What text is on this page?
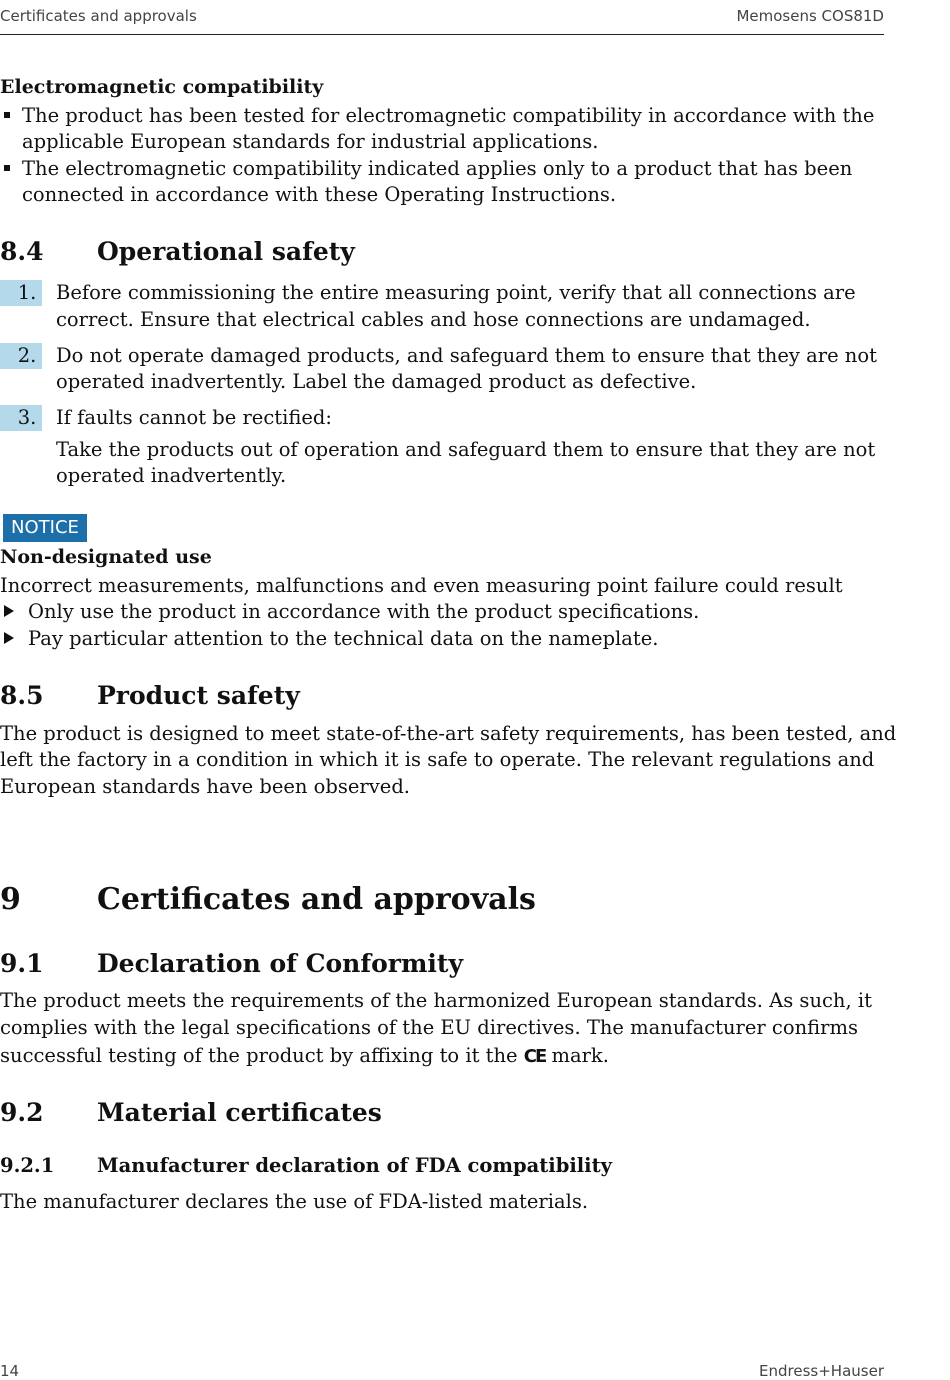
Certificates and approvals	Memosens COS81D
Electromagnetic compatibility
The product has been tested for electromagnetic compatibility in accordance with the
applicable European standards for industrial applications.
The electromagnetic compatibility indicated applies only to a product that has been
connected in accordance with these Operating Instructions.
8.4 Operational safety
1. Before commissioning the entire measuring point, verify that all connections are
correct. Ensure that electrical cables and hose connections are undamaged.
2. Do not operate damaged products, and safeguard them to ensure that they are not
operated inadvertently. Label the damaged product as defective.
3. If faults cannot be rectified:
Take the products out of operation and safeguard them to ensure that they are not
operated inadvertently.
NOTICE
Non-designated use
Incorrect measurements, malfunctions and even measuring point failure could result
Only use the product in accordance with the product specifications.
Pay particular attention to the technical data on the nameplate.
8.5 Product safety
The product is designed to meet state-of-the-art safety requirements, has been tested, and
left the factory in a condition in which it is safe to operate. The relevant regulations and
European standards have been observed.
9	Certificates and approvals
9.1 Declaration of Conformity
The product meets the requirements of the harmonized European standards. As such, it
complies with the legal specifications of the EU directives. The manufacturer confirms
successful testing of the product by affixing to it the CE mark.
9.2 Material certificates
9.2.1 Manufacturer declaration of FDA compatibility
The manufacturer declares the use of FDA-listed materials.
14	Endress+Hauser
